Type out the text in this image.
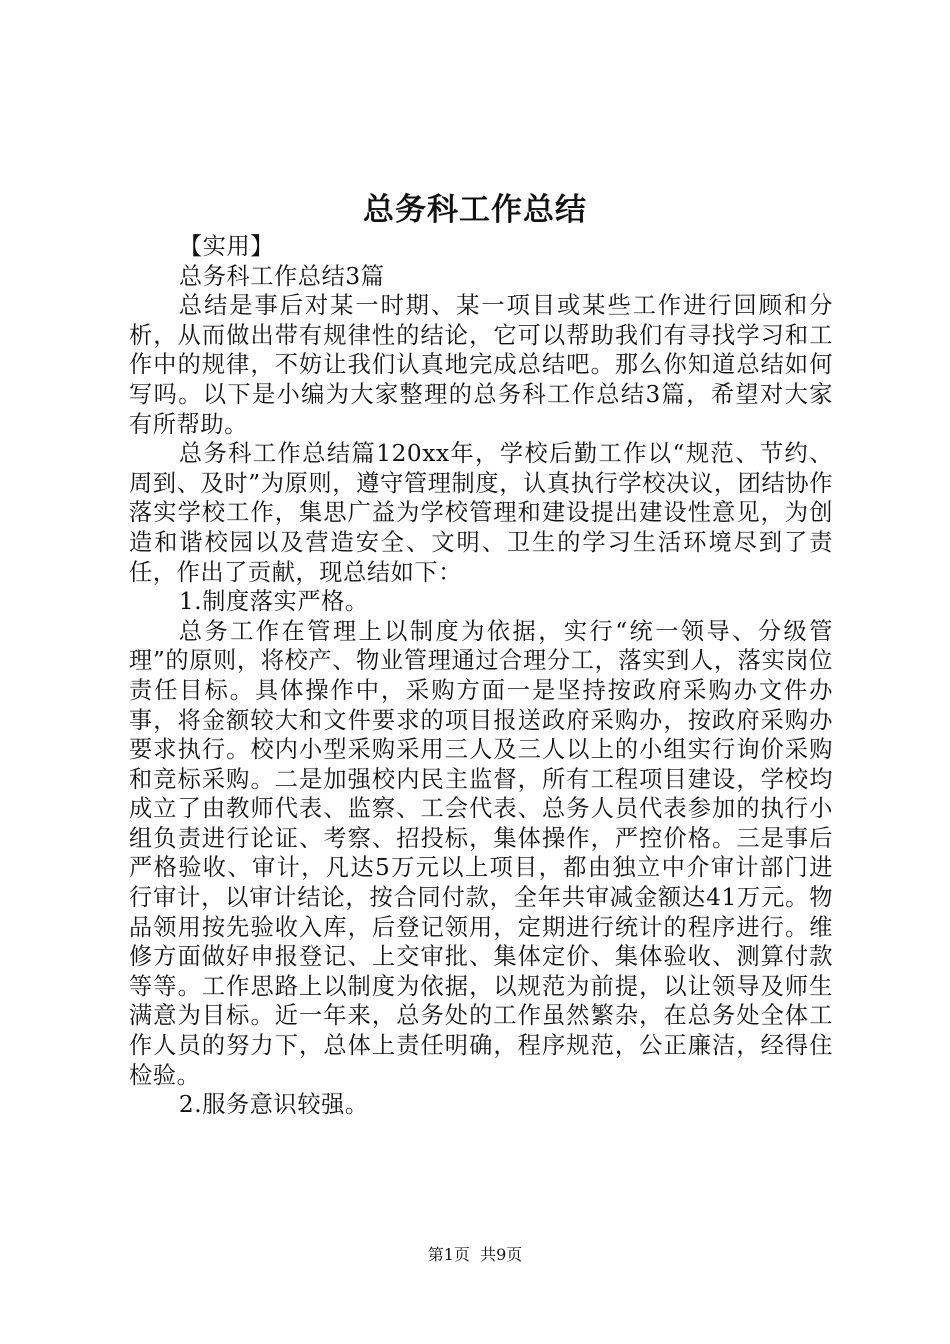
总务科工作总结

【实用】

总务科工作总结3篇

总结是事后对某一时期、某一项目或某些工作进行回顾和分析，从而做出带有规律性的结论，它可以帮助我们有寻找学习和工作中的规律，不妨让我们认真地完成总结吧。那么你知道总结如何写吗。以下是小编为大家整理的总务科工作总结3篇，希望对大家有所帮助。

总务科工作总结篇120xx年，学校后勤工作以“规范、节约、周到、及时”为原则，遵守管理制度，认真执行学校决议，团结协作落实学校工作，集思广益为学校管理和建设提出建设性意见，为创造和谐校园以及营造安全、文明、卫生的学习生活环境尽到了责任，作出了贡献，现总结如下：

1.制度落实严格。

总务工作在管理上以制度为依据，实行“统一领导、分级管理”的原则，将校产、物业管理通过合理分工，落实到人，落实岗位责任目标。具体操作中，采购方面一是坚持按政府采购办文件办事，将金额较大和文件要求的项目报送政府采购办，按政府采购办要求执行。校内小型采购采用三人及三人以上的小组实行询价采购和竞标采购。二是加强校内民主监督，所有工程项目建设，学校均成立了由教师代表、监察、工会代表、总务人员代表参加的执行小组负责进行论证、考察、招投标，集体操作，严控价格。三是事后严格验收、审计，凡达5万元以上项目，都由独立中介审计部门进行审计，以审计结论，按合同付款，全年共审减金额达41万元。物品领用按先验收入库，后登记领用，定期进行统计的程序进行。维修方面做好申报登记、上交审批、集体定价、集体验收、测算付款等等。工作思路上以制度为依据，以规范为前提，以让领导及师生满意为目标。近一年来，总务处的工作虽然繁杂，在总务处全体工作人员的努力下，总体上责任明确，程序规范，公正廉洁，经得住检验。

2.服务意识较强。

第1页 共9页
